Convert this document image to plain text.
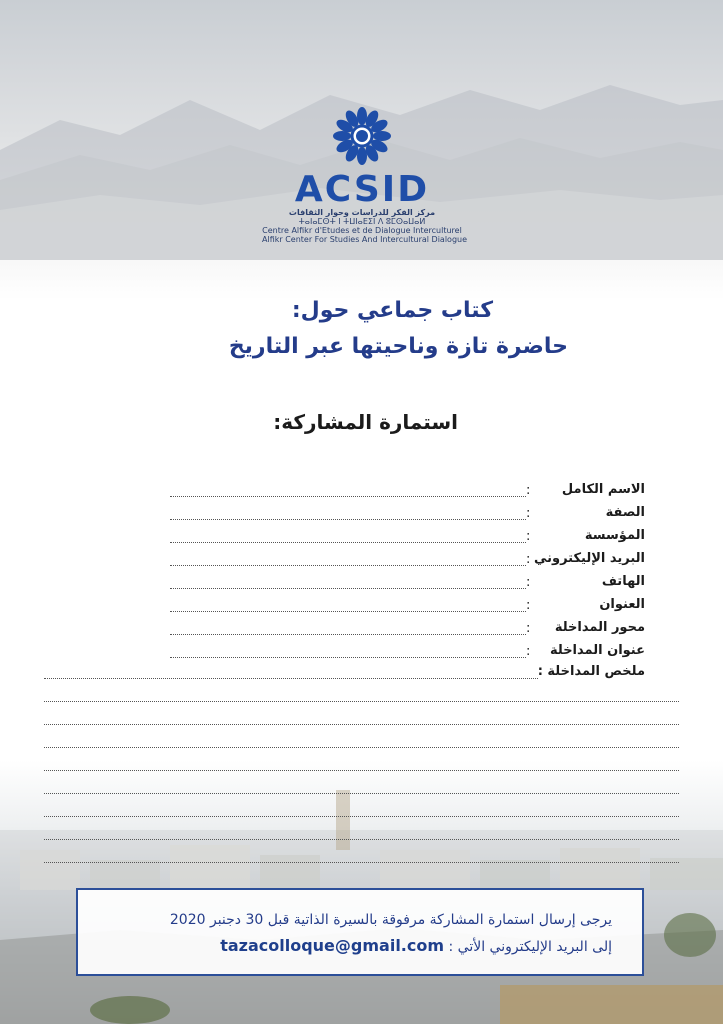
ACSID
مركز الفكر للدراسات وحوار الثقافات
ⵜⴰⵏⴰⵎⵙⵜ ⵏ ⵜⵡⵏⴰⴹⵉⵏ ⴷ ⵓⵎⵙⴰⵡⴰⵍ
Centre Alfikr d'Etudes et de Dialogue Interculturel
Alfikr Center For Studies And Intercultural Dialogue
كتاب جماعي حول:
حاضرة تازة وناحيتها عبر التاريخ
استمارة المشاركة:
الاسم الكامل
:
الصفة
:
المؤسسة
:
البريد الإليكتروني
:
الهاتف
:
العنوان
:
محور المداخلة
:
عنوان المداخلة
:
ملخص المداخلة :
يرجى إرسال استمارة المشاركة مرفوقة بالسيرة الذاتية قبل 30 دجنبر 2020
إلى البريد الإليكتروني الأتي : tazacolloque@gmail.com
